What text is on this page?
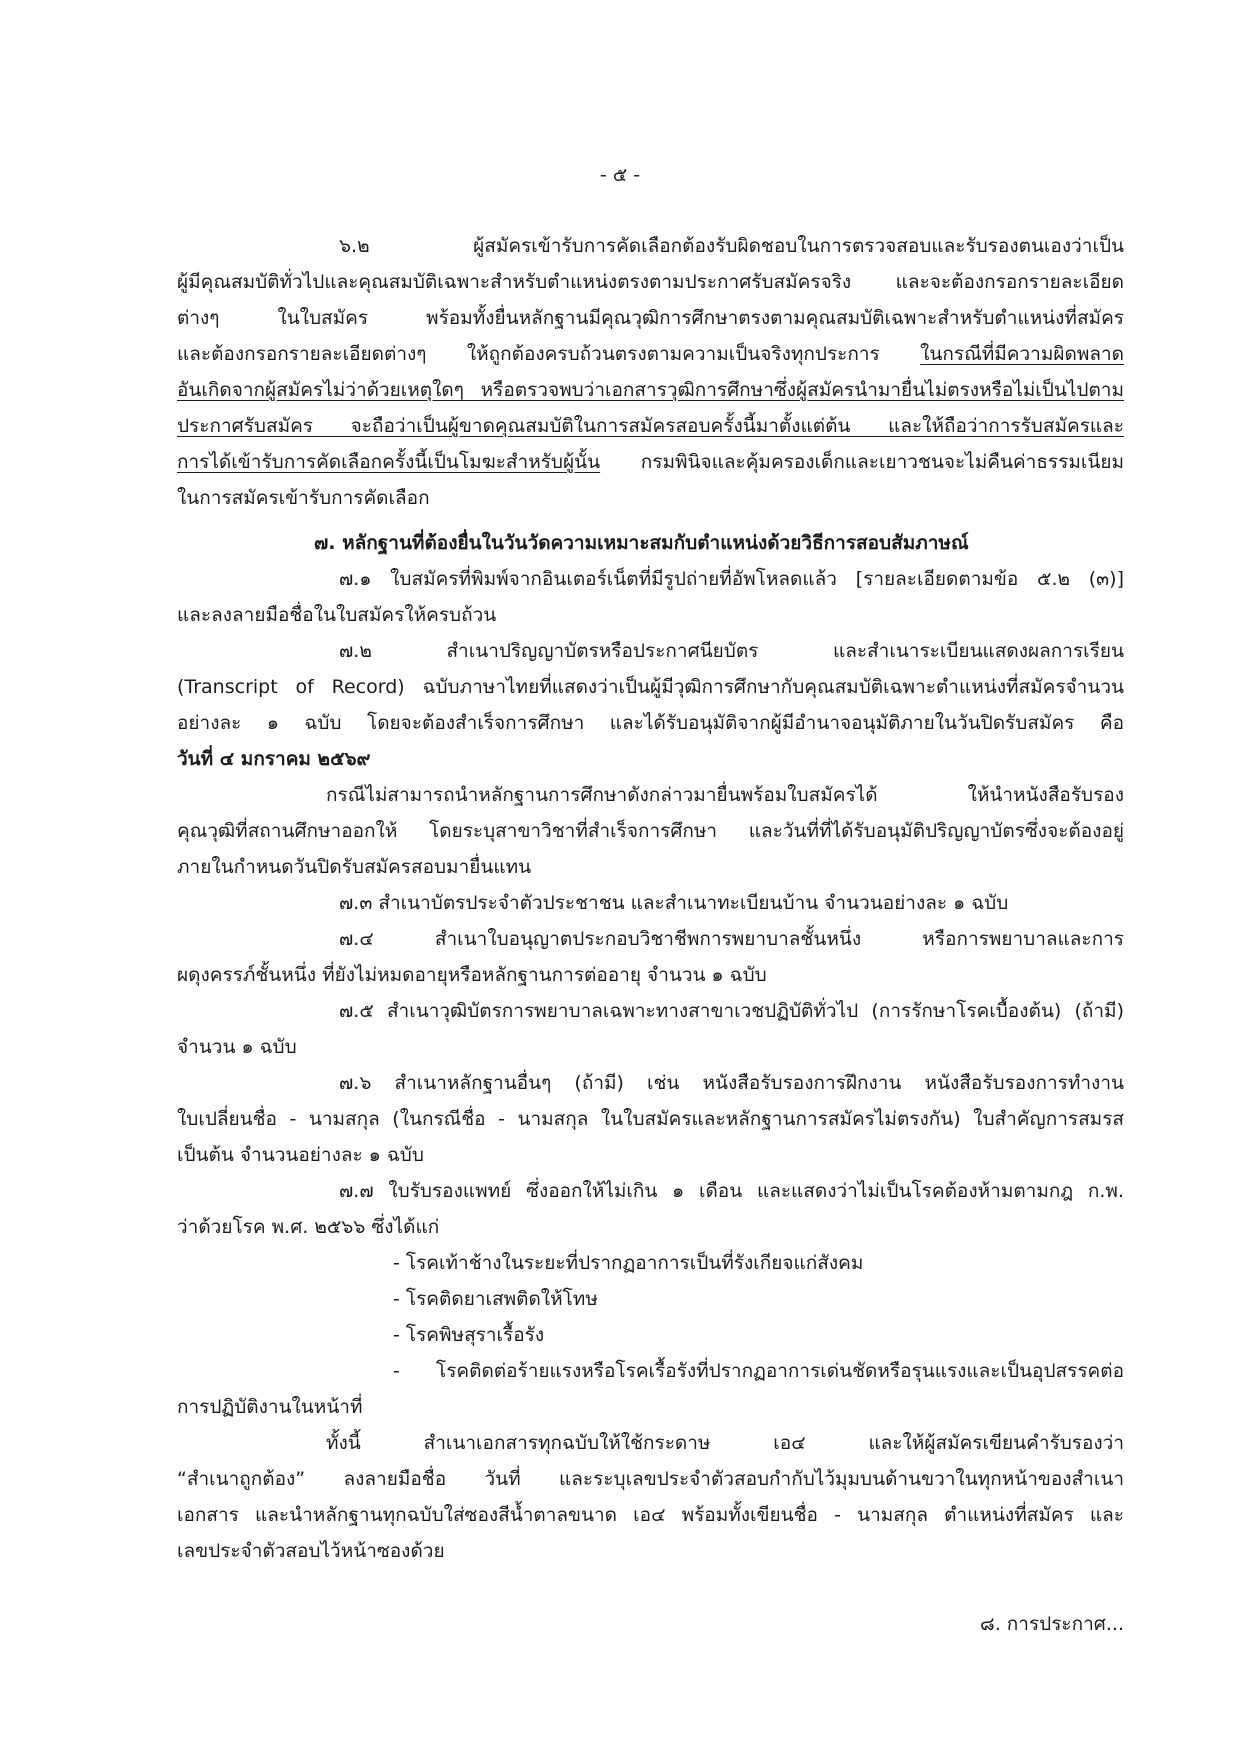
- ๕ -
๖.๒ ผู้สมัครเข้ารับการคัดเลือกต้องรับผิดชอบในการตรวจสอบและรับรองตนเองว่าเป็น
ผู้มีคุณสมบัติทั่วไปและคุณสมบัติเฉพาะสำหรับตำแหน่งตรงตามประกาศรับสมัครจริง และจะต้องกรอกรายละเอียด
ต่างๆ ในใบสมัคร พร้อมทั้งยื่นหลักฐานมีคุณวุฒิการศึกษาตรงตามคุณสมบัติเฉพาะสำหรับตำแหน่งที่สมัคร
และต้องกรอกรายละเอียดต่างๆ ให้ถูกต้องครบถ้วนตรงตามความเป็นจริงทุกประการ ในกรณีที่มีความผิดพลาด
อันเกิดจากผู้สมัครไม่ว่าด้วยเหตุใดๆ หรือตรวจพบว่าเอกสารวุฒิการศึกษาซึ่งผู้สมัครนำมายื่นไม่ตรงหรือไม่เป็นไปตาม
ประกาศรับสมัคร จะถือว่าเป็นผู้ขาดคุณสมบัติในการสมัครสอบครั้งนี้มาตั้งแต่ต้น และให้ถือว่าการรับสมัครและ
การได้เข้ารับการคัดเลือกครั้งนี้เป็นโมฆะสำหรับผู้นั้น กรมพินิจและคุ้มครองเด็กและเยาวชนจะไม่คืนค่าธรรมเนียม
ในการสมัครเข้ารับการคัดเลือก
๗. หลักฐานที่ต้องยื่นในวันวัดความเหมาะสมกับตำแหน่งด้วยวิธีการสอบสัมภาษณ์
๗.๑ ใบสมัครที่พิมพ์จากอินเตอร์เน็ตที่มีรูปถ่ายที่อัพโหลดแล้ว [รายละเอียดตามข้อ ๕.๒ (๓)]
และลงลายมือชื่อในใบสมัครให้ครบถ้วน
๗.๒ สำเนาปริญญาบัตรหรือประกาศนียบัตร และสำเนาระเบียนแสดงผลการเรียน
(Transcript of Record) ฉบับภาษาไทยที่แสดงว่าเป็นผู้มีวุฒิการศึกษากับคุณสมบัติเฉพาะตำแหน่งที่สมัครจำนวน
อย่างละ ๑ ฉบับ โดยจะต้องสำเร็จการศึกษา และได้รับอนุมัติจากผู้มีอำนาจอนุมัติภายในวันปิดรับสมัคร คือ
วันที่ ๔ มกราคม ๒๕๖๙
กรณีไม่สามารถนำหลักฐานการศึกษาดังกล่าวมายื่นพร้อมใบสมัครได้ ให้นำหนังสือรับรอง
คุณวุฒิที่สถานศึกษาออกให้ โดยระบุสาขาวิชาที่สำเร็จการศึกษา และวันที่ที่ได้รับอนุมัติปริญญาบัตรซึ่งจะต้องอยู่
ภายในกำหนดวันปิดรับสมัครสอบมายื่นแทน
๗.๓ สำเนาบัตรประจำตัวประชาชน และสำเนาทะเบียนบ้าน จำนวนอย่างละ ๑ ฉบับ
๗.๔ สำเนาใบอนุญาตประกอบวิชาชีพการพยาบาลชั้นหนึ่ง หรือการพยาบาลและการ
ผดุงครรภ์ชั้นหนึ่ง ที่ยังไม่หมดอายุหรือหลักฐานการต่ออายุ จำนวน ๑ ฉบับ
๗.๕ สำเนาวุฒิบัตรการพยาบาลเฉพาะทางสาขาเวชปฏิบัติทั่วไป (การรักษาโรคเบื้องต้น) (ถ้ามี)
จำนวน ๑ ฉบับ
๗.๖ สำเนาหลักฐานอื่นๆ (ถ้ามี) เช่น หนังสือรับรองการฝึกงาน หนังสือรับรองการทำงาน
ใบเปลี่ยนชื่อ - นามสกุล (ในกรณีชื่อ - นามสกุล ในใบสมัครและหลักฐานการสมัครไม่ตรงกัน) ใบสำคัญการสมรส
เป็นต้น จำนวนอย่างละ ๑ ฉบับ
๗.๗ ใบรับรองแพทย์ ซึ่งออกให้ไม่เกิน ๑ เดือน และแสดงว่าไม่เป็นโรคต้องห้ามตามกฎ ก.พ.
ว่าด้วยโรค พ.ศ. ๒๕๖๖ ซึ่งได้แก่
- โรคเท้าช้างในระยะที่ปรากฏอาการเป็นที่รังเกียจแก่สังคม
- โรคติดยาเสพติดให้โทษ
- โรคพิษสุราเรื้อรัง
- โรคติดต่อร้ายแรงหรือโรคเรื้อรังที่ปรากฏอาการเด่นชัดหรือรุนแรงและเป็นอุปสรรคต่อ
การปฏิบัติงานในหน้าที่
ทั้งนี้ สำเนาเอกสารทุกฉบับให้ใช้กระดาษ เอ๔ และให้ผู้สมัครเขียนคำรับรองว่า
“สำเนาถูกต้อง” ลงลายมือชื่อ วันที่ และระบุเลขประจำตัวสอบกำกับไว้มุมบนด้านขวาในทุกหน้าของสำเนา
เอกสาร และนำหลักฐานทุกฉบับใส่ซองสีน้ำตาลขนาด เอ๔ พร้อมทั้งเขียนชื่อ - นามสกุล ตำแหน่งที่สมัคร และ
เลขประจำตัวสอบไว้หน้าซองด้วย
๘. การประกาศ...
